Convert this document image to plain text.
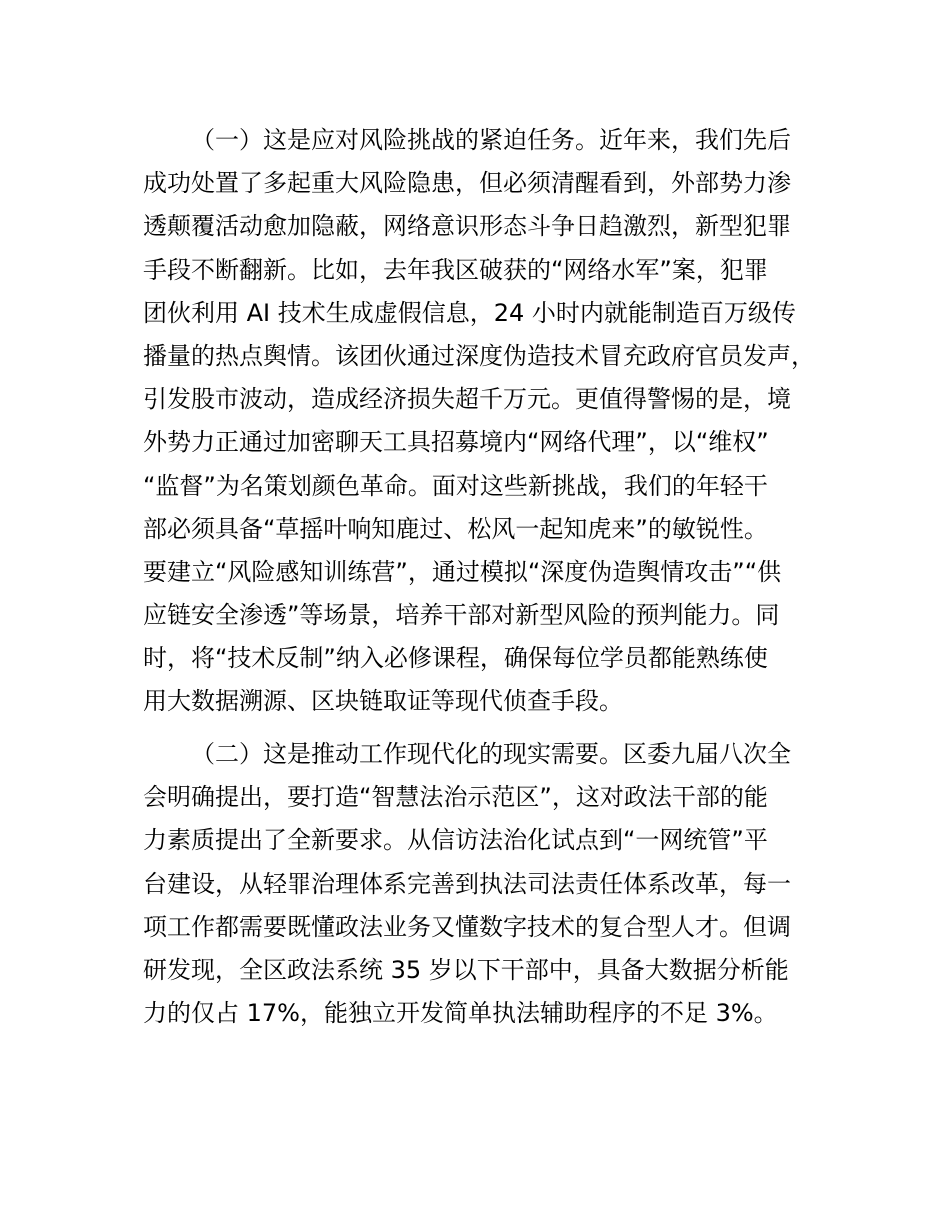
（一）这是应对风险挑战的紧迫任务。近年来，我们先后
成功处置了多起重大风险隐患，但必须清醒看到，外部势力渗
透颠覆活动愈加隐蔽，网络意识形态斗争日趋激烈，新型犯罪
手段不断翻新。比如，去年我区破获的“网络水军”案，犯罪
团伙利用 AI 技术生成虚假信息，24 小时内就能制造百万级传
播量的热点舆情。该团伙通过深度伪造技术冒充政府官员发声，
引发股市波动，造成经济损失超千万元。更值得警惕的是，境
外势力正通过加密聊天工具招募境内“网络代理”，以“维权”
“监督”为名策划颜色革命。面对这些新挑战，我们的年轻干
部必须具备“草摇叶响知鹿过、松风一起知虎来”的敏锐性。
要建立“风险感知训练营”，通过模拟“深度伪造舆情攻击”“供
应链安全渗透”等场景，培养干部对新型风险的预判能力。同
时，将“技术反制”纳入必修课程，确保每位学员都能熟练使
用大数据溯源、区块链取证等现代侦查手段。
（二）这是推动工作现代化的现实需要。区委九届八次全
会明确提出，要打造“智慧法治示范区”，这对政法干部的能
力素质提出了全新要求。从信访法治化试点到“一网统管”平
台建设，从轻罪治理体系完善到执法司法责任体系改革，每一
项工作都需要既懂政法业务又懂数字技术的复合型人才。但调
研发现，全区政法系统 35 岁以下干部中，具备大数据分析能
力的仅占 17%，能独立开发简单执法辅助程序的不足 3%。
